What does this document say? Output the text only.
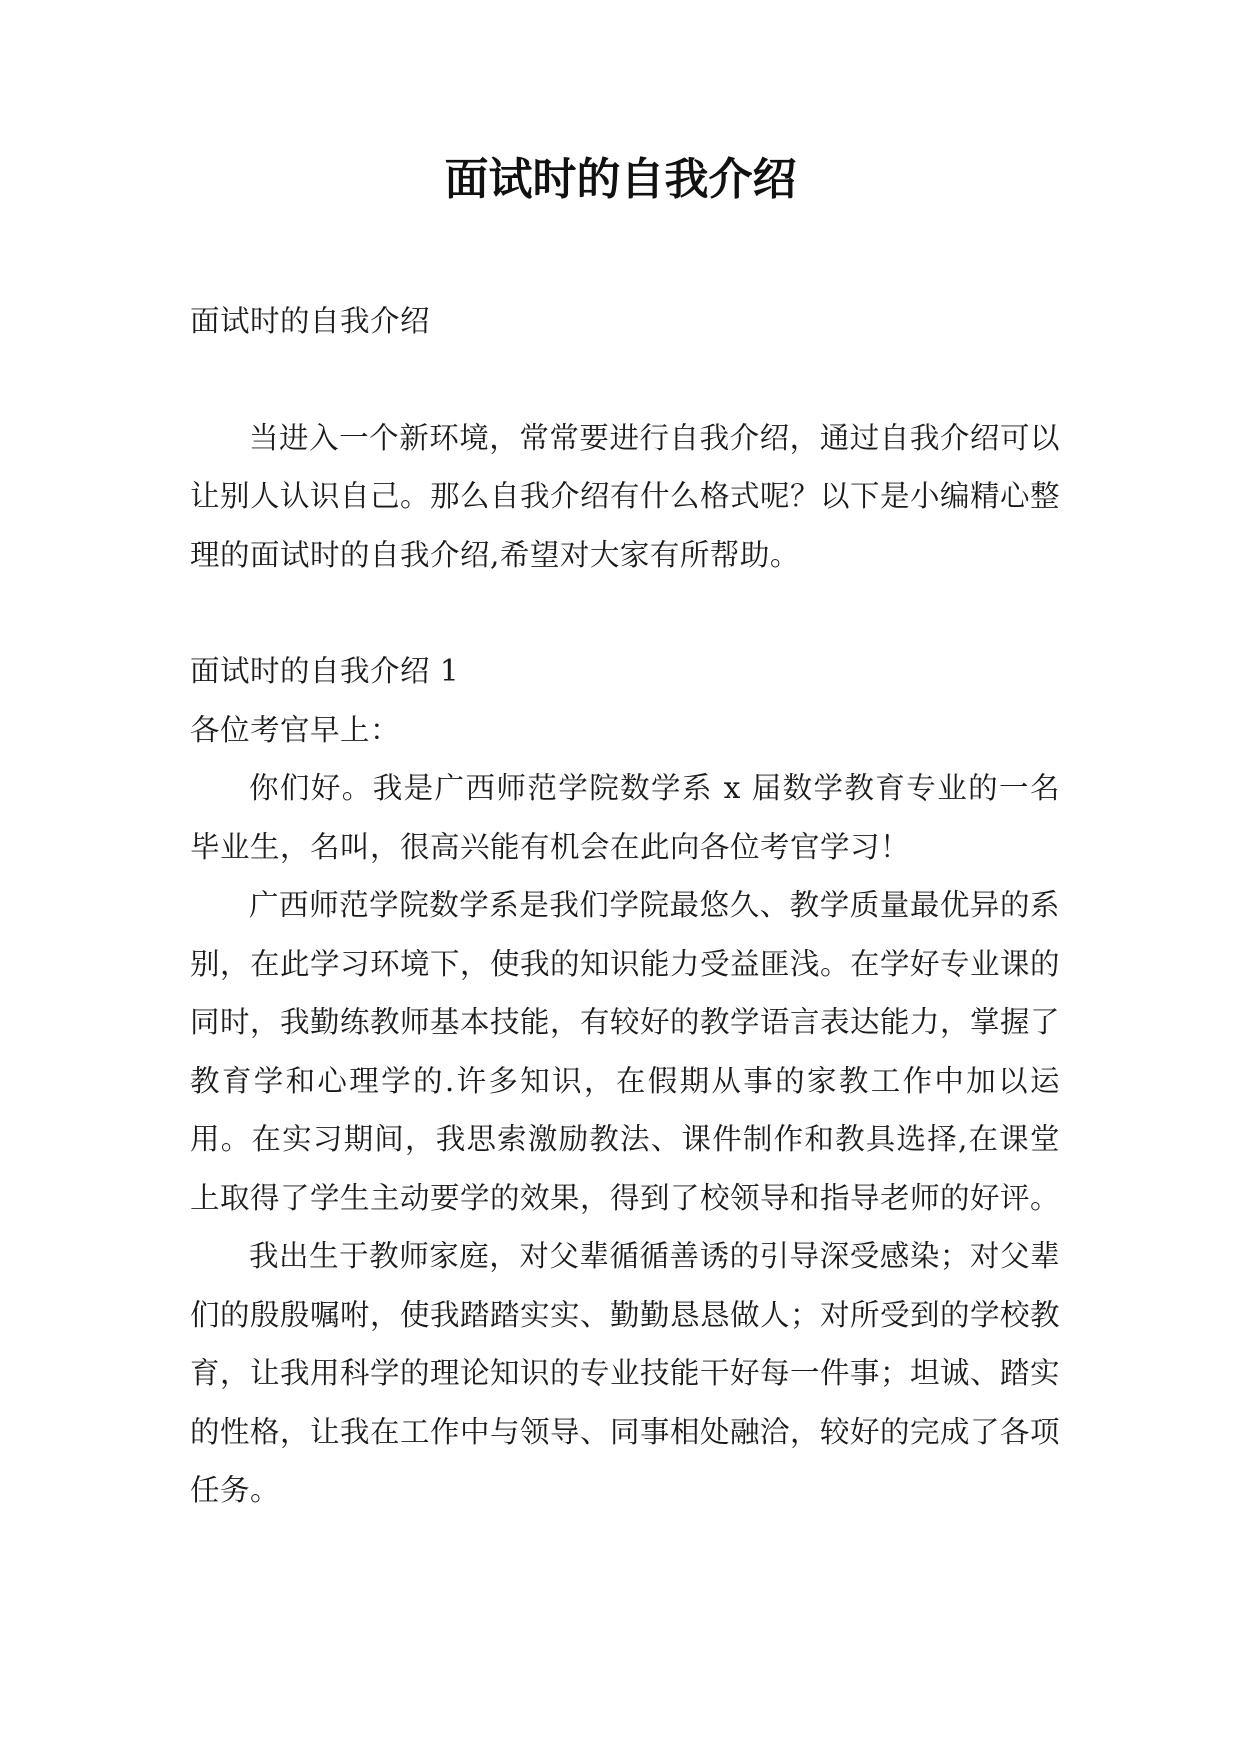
面试时的自我介绍

面试时的自我介绍

当进入一个新环境，常常要进行自我介绍，通过自我介绍可以让别人认识自己。那么自我介绍有什么格式呢？以下是小编精心整理的面试时的自我介绍,希望对大家有所帮助。

面试时的自我介绍 1

各位考官早上：

你们好。我是广西师范学院数学系 x 届数学教育专业的一名毕业生，名叫，很高兴能有机会在此向各位考官学习！

广西师范学院数学系是我们学院最悠久、教学质量最优异的系别，在此学习环境下，使我的知识能力受益匪浅。在学好专业课的同时，我勤练教师基本技能，有较好的教学语言表达能力，掌握了教育学和心理学的.许多知识，在假期从事的家教工作中加以运用。在实习期间，我思索激励教法、课件制作和教具选择,在课堂上取得了学生主动要学的效果，得到了校领导和指导老师的好评。

我出生于教师家庭，对父辈循循善诱的引导深受感染；对父辈们的殷殷嘱咐，使我踏踏实实、勤勤恳恳做人；对所受到的学校教育，让我用科学的理论知识的专业技能干好每一件事；坦诚、踏实的性格，让我在工作中与领导、同事相处融洽，较好的完成了各项任务。
